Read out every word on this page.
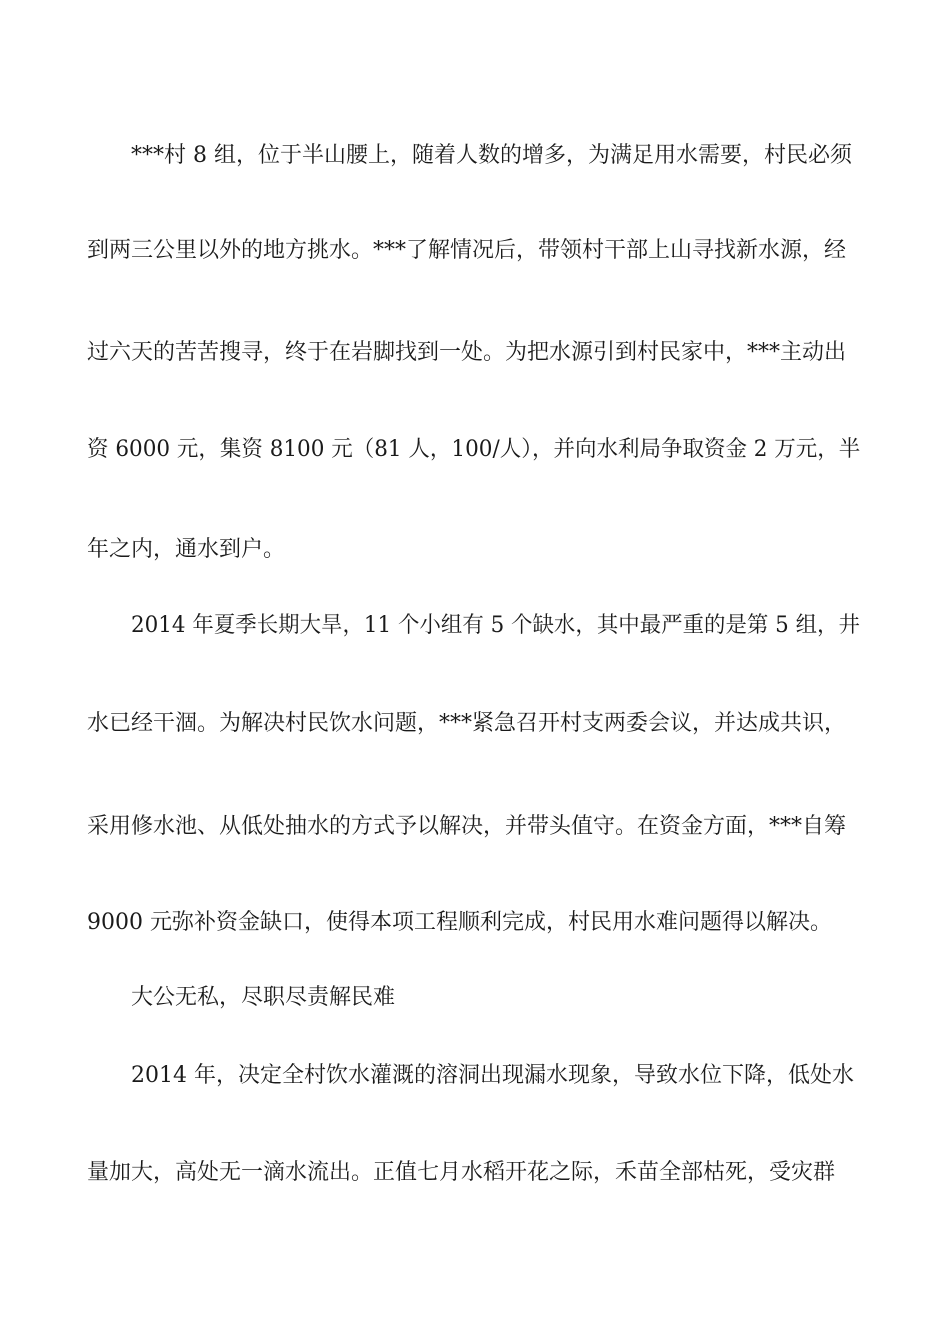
***村 8 组，位于半山腰上，随着人数的增多，为满足用水需要，村民必须
到两三公里以外的地方挑水。***了解情况后，带领村干部上山寻找新水源，经
过六天的苦苦搜寻，终于在岩脚找到一处。为把水源引到村民家中，***主动出
资 6000 元，集资 8100 元（81 人，100/人），并向水利局争取资金 2 万元，半
年之内，通水到户。
2014 年夏季长期大旱，11 个小组有 5 个缺水，其中最严重的是第 5 组，井
水已经干涸。为解决村民饮水问题，***紧急召开村支两委会议，并达成共识，
采用修水池、从低处抽水的方式予以解决，并带头值守。在资金方面，***自筹
9000 元弥补资金缺口，使得本项工程顺利完成，村民用水难问题得以解决。
大公无私，尽职尽责解民难
2014 年，决定全村饮水灌溉的溶洞出现漏水现象，导致水位下降，低处水
量加大，高处无一滴水流出。正值七月水稻开花之际，禾苗全部枯死，受灾群
